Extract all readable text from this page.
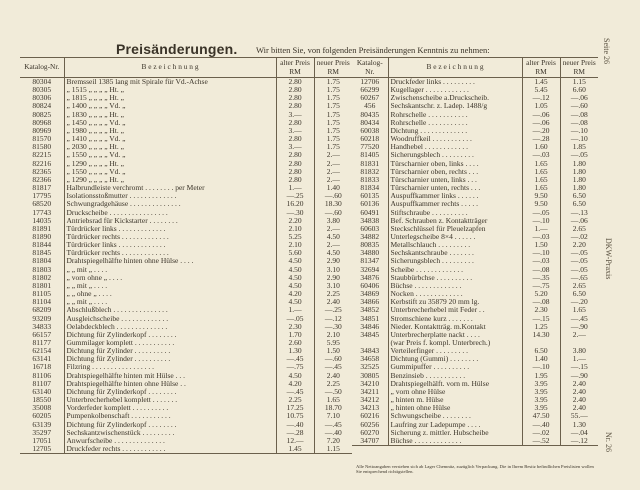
Preisänderungen. Wir bitten Sie, von folgenden Preisänderungen Kenntnis zu nehmen:	Seite 26
DKW-Praxis
Nr. 26
Katalog-Nr.	B e z e i c h n u n g	alter Preis RM	neuer Preis RM
80304	Bremsseil 1385 lang mit Spirale für Vd.-Achse	2.80	1.75
80305	„ 1515 „ „ „ „ Ht. „	2.80	1.75
80306	„ 1815 „ „ „ „ Ht. „	2.80	1.75
80824	„ 1400 „ „ „ „ Vd. „	2.80	1.75
80825	„ 1830 „ „ „ „ Ht. „	3.—	1.75
80968	„ 1450 „ „ „ „ Vd. „	2.80	1.75
80969	„ 1980 „ „ „ „ Ht. „	3.—	1.75
81570	„ 1410 „ „ „ „ Vd. „	2.80	1.75
81580	„ 2030 „ „ „ „ Ht. „	3.—	1.75
82215	„ 1550 „ „ „ „ Vd. „	2.80	2.—
82216	„ 1290 „ „ „ „ Ht. „	2.80	2.—
82365	„ 1550 „ „ „ „ Vd. „	2.80	2.—
82366	„ 1290 „ „ „ „ Ht. „	2.80	2.—
81817	Halbrundleiste verchromt . . . . . . . . per Meter	1.—	1.40
17795	Isolationsstoßmutter . . . . . . . . . . . . .	—.25	—.60
68520	Schwungradgehäuse . . . . . . . . . . . . . .	16.20	18.30
17743	Druckscheibe . . . . . . . . . . . . . . . .	—.30	—.60
14035	Antriebsrad für Kickstarter . . . . . . . .	2.20	3.80
81891	Türdrücker links . . . . . . . . . . . . .	2.10	2.—
81890	Türdrücker rechts . . . . . . . . . . . . .	5.25	4.50
81844	Türdrücker links . . . . . . . . . . . . .	2.10	2.—
81845	Türdrücker rechts . . . . . . . . . . . . .	5.60	4.50
81804	Drahtspiegelhälfte hinten ohne Hülse . . . .	4.50	2.90
81803	„ „ mit „ . . . .	4.50	3.10
81802	„ vorn ohne „ . . . .	4.50	2.90
81801	„ „ mit „ . . . .	4.50	3.10
81105	„ „ ohne „ . . . .	4.20	2.25
81104	„ „ mit „ . . . .	4.50	2.40
68209	Abschlußblech . . . . . . . . . . . . . . .	1.—	—.25
93209	Ausgleichscheibe . . . . . . . . . . . . .	—.05	—.12
34833	Oelabdeckblech . . . . . . . . . . . . . .	2.30	—.30
66157	Dichtung für Zylinderkopf . . . . . . . .	1.70	2.10
81177	Gummilager komplett . . . . . . . . . . .	2.60	5.95
62154	Dichtung für Zylinder . . . . . . . . . .	1.30	1.50
63141	Dichtung für Zylinder . . . . . . . . . .	—.45	—.60
16718	Filzring . . . . . . . . . . . . . . . . .	—.75	—.45
81106	Drahtspiegelhälfte hinten mit Hülse . . .	4.50	2.40
81107	Drahtspiegelhälfte hinten ohne Hülse . .	4.20	2.25
63140	Dichtung für Zylinderkopf . . . . . . . .	—.45	—.50
18550	Unterbrecherhebel komplett . . . . . . .	2.25	1.65
35008	Vorderfeder komplett . . . . . . . . . .	17.25	18.70
60205	Pumpenkolbenschaft . . . . . . . . . . .	10.75	7.10
63139	Dichtung für Zylinderkopf . . . . . . . .	—.40	—.45
35297	Sechskantzwischenstück . . . . . . . . .	—.28	—.40
17051	Anwurfscheibe . . . . . . . . . . . . . .	12.—	7.20
12705	Druckfeder rechts . . . . . . . . . . . .	1.45	1.15
Katalog-Nr.	B e z e i c h n u n g	alter Preis RM	neuer Preis RM
12706	Druckfeder links . . . . . . . . .	1.45	1.15
66299	Kugellager . . . . . . . . . . . .	5.45	6.60
60267	Zwischenscheibe a.Druckscheib.	—.12	—.06
456	Sechskantschr. z. Ladep. 1488/g	1.05	—.60
80435	Rohrschelle . . . . . . . . . . .	—.06	—.08
80434	Rohrschelle . . . . . . . . . . .	—.06	—.08
60038	Dichtung . . . . . . . . . . . . .	—.20	—.10
60218	Woodruffkeil . . . . . . . . . . .	—.28	—.10
77520	Handhebel . . . . . . . . . . . .	1.60	1.85
81405	Sicherungsblech . . . . . . . . .	—.03	—.05
81831	Türscharnier oben, links . . . .	1.65	1.80
81832	Türscharnier oben, rechts . . .	1.65	1.80
81833	Türscharnier unten, links . . .	1.65	1.80
81834	Türscharnier unten, rechts . . .	1.65	1.80
60135	Auspuffkammer links . . . . . .	9.50	6.50
60136	Auspuffkammer rechts . . . . .	9.50	6.50
60491	Stiftschraube . . . . . . . . . .	—.05	—.13
34838	Bef. Schrauben z. Kontaktträger	—.10	—.06
60603	Steckschlüssel für Pleuelzapfen	1.—	2.65
34882	Unterlegscheibe 8×4 . . . . . .	—.03	—.02
80835	Metallschlauch . . . . . . . . .	1.50	2.20
34880	Sechskantschraube . . . . . . .	—.10	—.05
81347	Sicherungsblech . . . . . . . . .	—.03	—.05
32694	Scheibe . . . . . . . . . . . . .	—.08	—.05
34876	Staubbürbchse . . . . . . . . . .	—.35	—.65
60406	Büchse . . . . . . . . . . . . .	—.75	2.65
34869	Nocken . . . . . . . . . . . . .	5.20	6.50
34866	Kerbstift zu 35879 20 mm lg.	—.08	—.20
34852	Unterbrecherhebel mit Feder . .	2.30	1.65
34851	Stromschiene kurz . . . . . . .	—.15	—.45
34846	Nieder. Kontaktträg. m.Kontakt	1.25	—.90
34845	Unterbrecherplatte nackt . . . .	14.30	2.—
	(war Preis f. kompl. Unterbrech.)		
34843	Verteilerfinger . . . . . . . . .	6.50	3.80
34658	Dichtung (Gummi) . . . . . . . .	1.40	1.—
32525	Gummipuffer . . . . . . . . . .	—.10	—.15
30805	Benzinsieb . . . . . . . . . . .	1.95	—.90
34210	Drahtspiegelhälft. vorn m. Hülse	3.95	2.40
34211	„ vorn ohne Hülse	3.95	2.40
34212	„ hinten m. Hülse	3.95	2.40
34213	„ hinten ohne Hülse	3.95	2.40
60216	Schwungscheibe . . . . . . . .	47.50	55.—
60256	Laufring zur Ladepumpe . . . .	—.40	1.30
60270	Sicherung z. mittler. Hubscheibe	—.02	—.04
34707	Büchse . . . . . . . . . . . . .	—.52	—.12
Alle Nettoangaben verstehen sich ab Lager Chemnitz, zuzüglich Verpackung. Die in Ihrem Besitz befindlichen Preislisten wollen Sie entsprechend richtigstellen.
